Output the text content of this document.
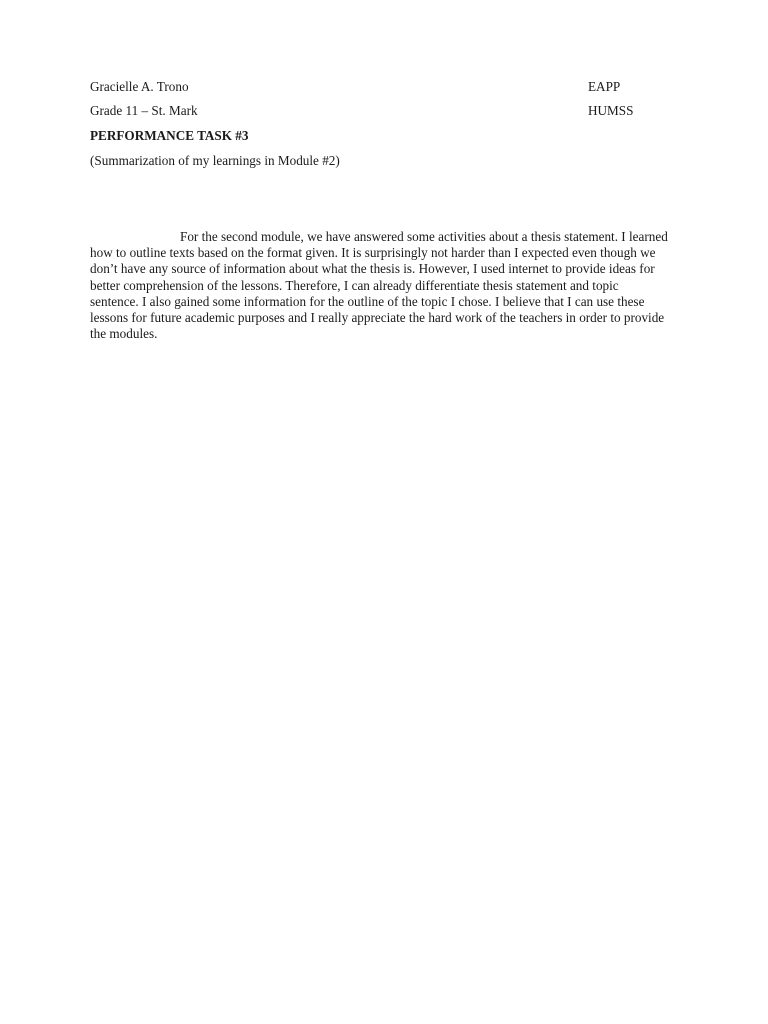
Gracielle A. Trono	EAPP
Grade 11 – St. Mark	HUMSS
PERFORMANCE TASK #3
(Summarization of my learnings in Module #2)

For the second module, we have answered some activities about a thesis statement. I learned how to outline texts based on the format given. It is surprisingly not harder than I expected even though we don’t have any source of information about what the thesis is. However, I used internet to provide ideas for better comprehension of the lessons. Therefore, I can already differentiate thesis statement and topic sentence. I also gained some information for the outline of the topic I chose. I believe that I can use these lessons for future academic purposes and I really appreciate the hard work of the teachers in order to provide the modules.
